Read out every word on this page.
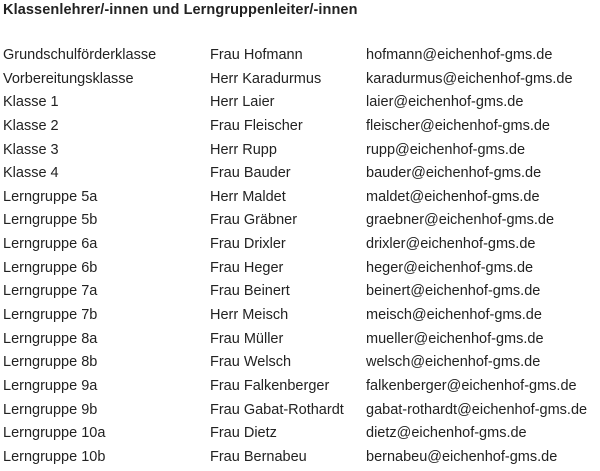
Klassenlehrer/-innen und Lerngruppenleiter/-innen
Grundschulförderklasse	Frau Hofmann	hofmann@eichenhof-gms.de
Vorbereitungsklasse	Herr Karadurmus	karadurmus@eichenhof-gms.de
Klasse 1	Herr Laier	laier@eichenhof-gms.de
Klasse 2	Frau Fleischer	fleischer@eichenhof-gms.de
Klasse 3	Herr Rupp	rupp@eichenhof-gms.de
Klasse 4	Frau Bauder	bauder@eichenhof-gms.de
Lerngruppe 5a	Herr Maldet	maldet@eichenhof-gms.de
Lerngruppe 5b	Frau Gräbner	graebner@eichenhof-gms.de
Lerngruppe 6a	Frau Drixler	drixler@eichenhof-gms.de
Lerngruppe 6b	Frau Heger	heger@eichenhof-gms.de
Lerngruppe 7a	Frau Beinert	beinert@eichenhof-gms.de
Lerngruppe 7b	Herr Meisch	meisch@eichenhof-gms.de
Lerngruppe 8a	Frau Müller	mueller@eichenhof-gms.de
Lerngruppe 8b	Frau Welsch	welsch@eichenhof-gms.de
Lerngruppe 9a	Frau Falkenberger	falkenberger@eichenhof-gms.de
Lerngruppe 9b	Frau Gabat-Rothardt gabat-rothardt@eichenhof-gms.de
Lerngruppe 10a	Frau Dietz	dietz@eichenhof-gms.de
Lerngruppe 10b	Frau Bernabeu	bernabeu@eichenhof-gms.de
